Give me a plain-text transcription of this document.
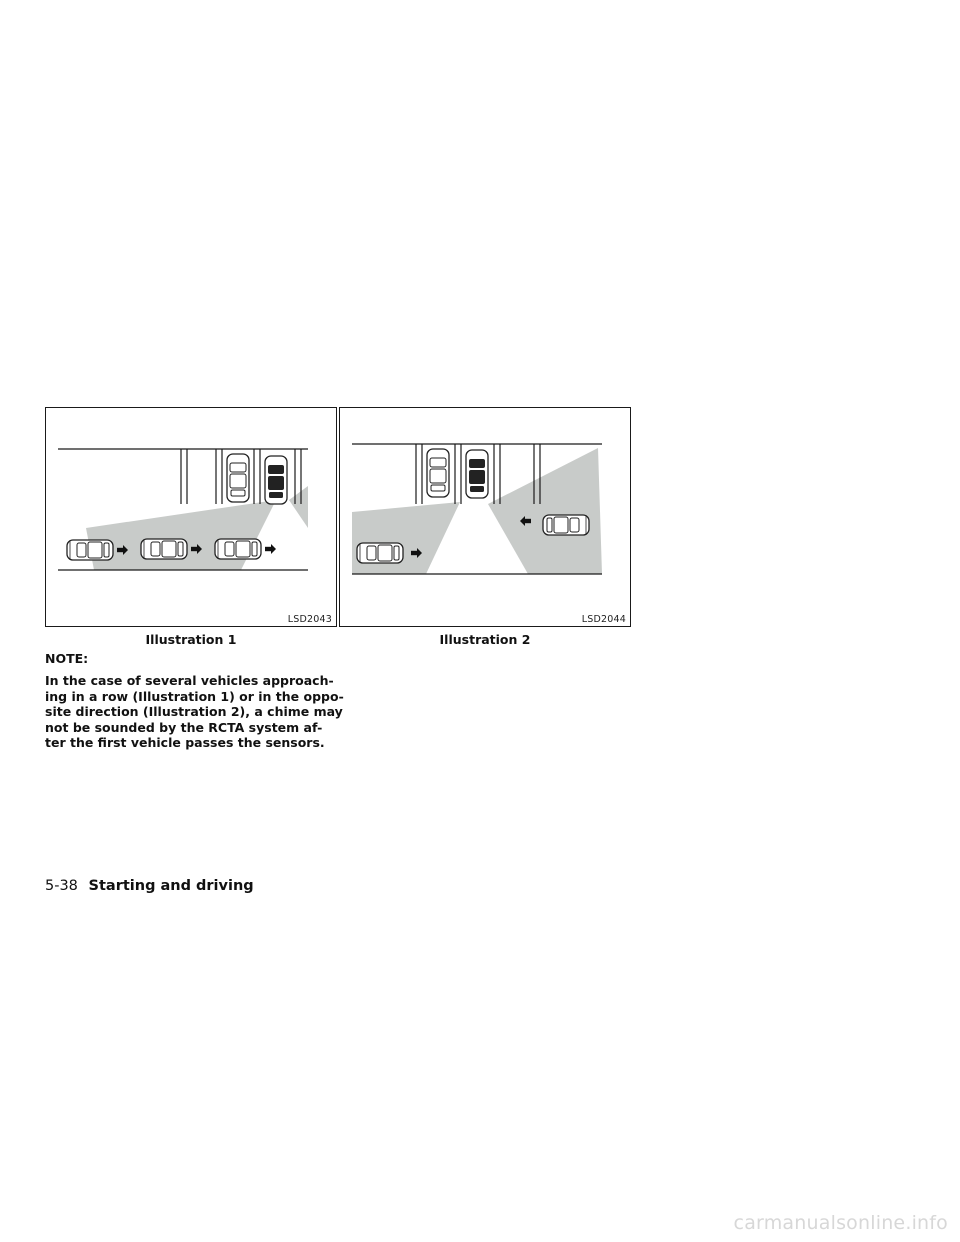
LSD2043	LSD2044
Illustration 1	Illustration 2
NOTE:
In the case of several vehicles approach-
ing in a row (Illustration 1) or in the oppo-
site direction (Illustration 2), a chime may
not be sounded by the RCTA system af-
ter the first vehicle passes the sensors.
5-38 Starting and driving
carmanualsonline.info
